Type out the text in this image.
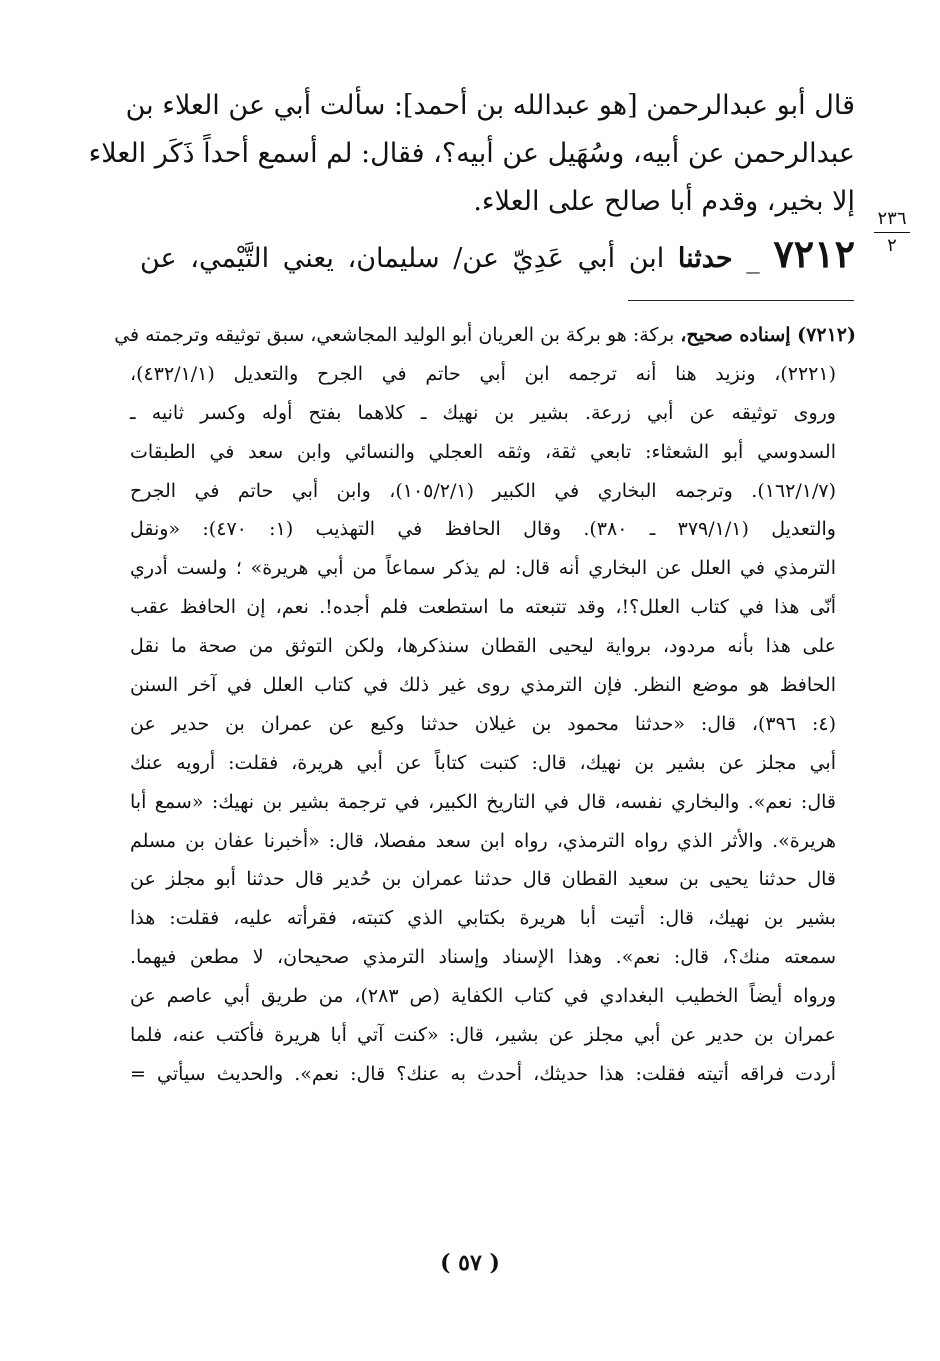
قال أبو عبدالرحمن [هو عبدالله بن أحمد]: سألت أبي عن العلاء بن
عبدالرحمن عن أبيه، وسُهَيل عن أبيه؟، فقال: لم أسمع أحداً ذَكَر العلاء
إلا بخير، وقدم أبا صالح على العلاء.
٧٢١٢ _ حدثنا ابن أبي عَدِيّ عن/ سليمان، يعني التَّيْمي، عن
٢٣٦
٢
(٧٢١٢) إسناده صحيح، بركة: هو بركة بن العريان أبو الوليد المجاشعي، سبق توثيقه وترجمته في
(٢٢٢١)، ونزيد هنا أنه ترجمه ابن أبي حاتم في الجرح والتعديل (٤٣٢/١/١)،
وروى توثيقه عن أبي زرعة. بشير بن نهيك ـ كلاهما بفتح أوله وكسر ثانيه ـ
السدوسي أبو الشعثاء: تابعي ثقة، وثقه العجلي والنسائي وابن سعد في الطبقات
(١٦٢/١/٧). وترجمه البخاري في الكبير (١٠٥/٢/١)، وابن أبي حاتم في الجرح
والتعديل (٣٧٩/١/١ ـ ٣٨٠). وقال الحافظ في التهذيب (١: ٤٧٠): «ونقل
الترمذي في العلل عن البخاري أنه قال: لم يذكر سماعاً من أبي هريرة» ؛ ولست أدري
أنّى هذا في كتاب العلل؟!، وقد تتبعته ما استطعت فلم أجده!. نعم، إن الحافظ عقب
على هذا بأنه مردود، برواية ليحيى القطان سنذكرها، ولكن التوثق من صحة ما نقل
الحافظ هو موضع النظر. فإن الترمذي روى غير ذلك في كتاب العلل في آخر السنن
(٤: ٣٩٦)، قال: «حدثنا محمود بن غيلان حدثنا وكيع عن عمران بن حدير عن
أبي مجلز عن بشير بن نهيك، قال: كتبت كتاباً عن أبي هريرة، فقلت: أرويه عنك
قال: نعم». والبخاري نفسه، قال في التاريخ الكبير، في ترجمة بشير بن نهيك: «سمع أبا
هريرة». والأثر الذي رواه الترمذي، رواه ابن سعد مفصلا، قال: «أخبرنا عفان بن مسلم
قال حدثنا يحيى بن سعيد القطان قال حدثنا عمران بن حُدير قال حدثنا أبو مجلز عن
بشير بن نهيك، قال: أتيت أبا هريرة بكتابي الذي كتبته، فقرأته عليه، فقلت: هذا
سمعته منك؟، قال: نعم». وهذا الإسناد وإسناد الترمذي صحيحان، لا مطعن فيهما.
ورواه أيضاً الخطيب البغدادي في كتاب الكفاية (ص ٢٨٣)، من طريق أبي عاصم عن
عمران بن حدير عن أبي مجلز عن بشير، قال: «كنت آتي أبا هريرة فأكتب عنه، فلما
أردت فراقه أتيته فقلت: هذا حديثك، أحدث به عنك؟ قال: نعم». والحديث سيأتي =
( ٥٧ )
